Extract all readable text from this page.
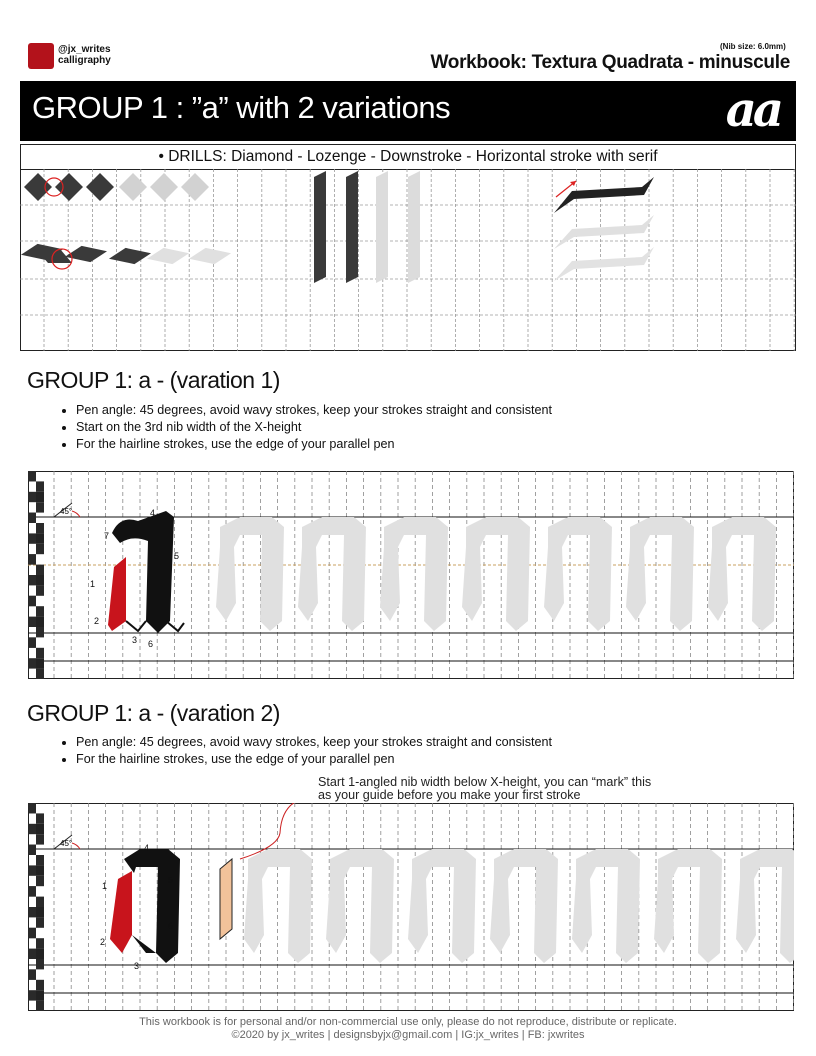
@jx_writes
calligraphy
(Nib size: 6.0mm)
Workbook: Textura Quadrata - minuscule
GROUP 1 : ”a” with 2 variations	aa
• DRILLS: Diamond - Lozenge - Downstroke - Horizontal stroke with serif
GROUP 1: a - (varation 1)
• Pen angle: 45 degrees, avoid wavy strokes, keep your strokes straight and consistent
• Start on the 3rd nib width of the X-height
• For the hairline strokes, use the edge of your parallel pen
45°
1
2
3
4
5
6
7
GROUP 1: a - (varation 2)
• Pen angle: 45 degrees, avoid wavy strokes, keep your strokes straight and consistent
• For the hairline strokes, use the edge of your parallel pen
Start 1-angled nib width below X-height, you can “mark” this
as your guide before you make your first stroke
45°
1
2
3
4
5
6
This workbook is for personal and/or non-commercial use only, please do not reproduce, distribute or replicate.
©2020 by jx_writes | designsbyjx@gmail.com | IG:jx_writes | FB: jxwrites
